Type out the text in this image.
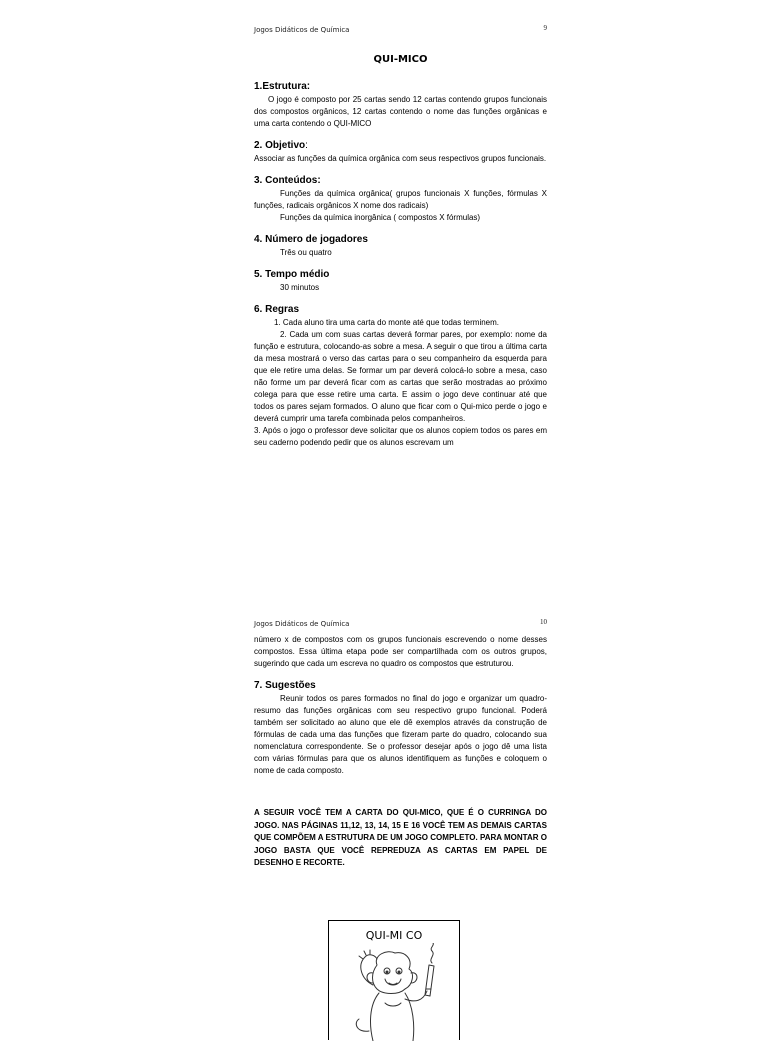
Jogos Didáticos de Química	9
QUI-MICO
1.Estrutura:

O jogo é composto por 25 cartas sendo 12 cartas contendo grupos funcionais dos compostos orgânicos, 12 cartas contendo o nome das funções orgânicas e uma carta contendo o QUI-MICO

2. Objetivo:

Associar as funções da química orgânica com seus respectivos grupos funcionais.

3. Conteúdos:

Funções da química orgânica( grupos funcionais X funções, fórmulas X funções, radicais orgânicos X nome dos radicais)

Funções da química inorgânica ( compostos X fórmulas)

4. Número de jogadores

Três ou quatro

5. Tempo médio

30 minutos

6. Regras

1. Cada aluno tira uma carta do monte até que todas terminem.

2. Cada um com suas cartas deverá formar pares, por exemplo: nome da função e estrutura, colocando-as sobre a mesa. A seguir o que tirou a última carta da mesa mostrará o verso das cartas para o seu companheiro da esquerda para que ele retire uma delas. Se formar um par deverá colocá-lo sobre a mesa, caso não forme um par deverá ficar com as cartas que serão mostradas ao próximo colega para que esse retire uma carta. E assim o jogo deve continuar até que todos os pares sejam formados. O aluno que ficar com o Qui-mico perde o jogo e deverá cumprir uma tarefa combinada pelos companheiros.

3. Após o jogo o professor deve solicitar que os alunos copiem todos os pares em seu caderno podendo pedir que os alunos escrevam um

Jogos Didáticos de Química	10

número x de compostos com os grupos funcionais escrevendo o nome desses compostos. Essa última etapa pode ser compartilhada com os outros grupos, sugerindo que cada um escreva no quadro os compostos que estruturou.

7. Sugestões

Reunir todos os pares formados no final do jogo e organizar um quadro-resumo das funções orgânicas com seu respectivo grupo funcional. Poderá também ser solicitado ao aluno que ele dê exemplos através da construção de fórmulas de cada uma das funções que fizeram parte do quadro, colocando sua nomenclatura correspondente. Se o professor desejar após o jogo dê uma lista com várias fórmulas para que os alunos identifiquem as funções e coloquem o nome de cada composto.

A SEGUIR VOCÊ TEM A CARTA DO QUI-MICO, QUE É O CURRINGA DO JOGO. NAS PÁGINAS 11,12, 13, 14, 15 E 16 VOCÊ TEM AS DEMAIS CARTAS QUE COMPÕEM A ESTRUTURA DE UM JOGO COMPLETO. PARA MONTAR O JOGO BASTA QUE VOCÊ REPREDUZA AS CARTAS EM PAPEL DE DESENHO E RECORTE.

QUI-MI CO
